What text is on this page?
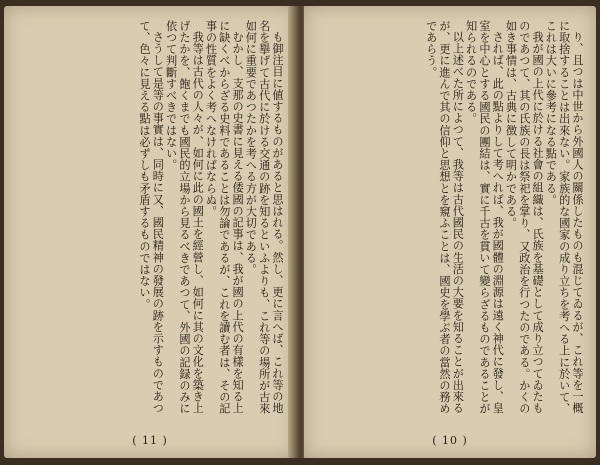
も御注目に値するものがあると思はれる。然し、更に言へば、これ等の地名を擧げて古代に於ける交通の跡を知るといふよりも、これ等の場所が古來如何に重要であつたかを考へる方が大切である。

むかし、支那の史書に見える倭國の記事は、我が國の上代の有樣を知る上に缺くべからざる史料であることは勿論であるが、これを讀む者は、その記事の性質をよく考へなければならぬ。

我等は古代の人々が、如何に此の國土を經營し、如何に其の文化を築き上げたかを、飽くまでも國民的立場から見るべきであつて、外國の記録のみに依つて判斷すべきではない。

さうして是等の事實は、同時に又、國民精神の發展の跡を示すものであつて、色々に見える點は必ずしも矛盾するものではない。

( 11 )

り、且つは中世から外國人の關係したものも混じてゐるが、これ等を一概に取捨することは出來ない。家族的な國家の成り立ちを考へる上に於いて、これは大いに參考になる點である。

我が國の上代に於ける社會の組織は、氏族を基礎として成り立つてゐたものであつて、其の氏族の長は祭祀を掌り、又政治を行つたのである。かくの如き事情は、古典に徴して明かである。

されば、此の點よりして考へれば、我が國體の淵源は遠く神代に發し、皇室を中心とする國民の團結は、實に千古を貫いて變らざるものであることが知られるのである。

以上述べた所によつて、我等は古代國民の生活の大要を知ることが出來るが、更に進んで其の信仰と思想とを窺ふことは、國史を學ぶ者の當然の務めであらう。

( 10 )
